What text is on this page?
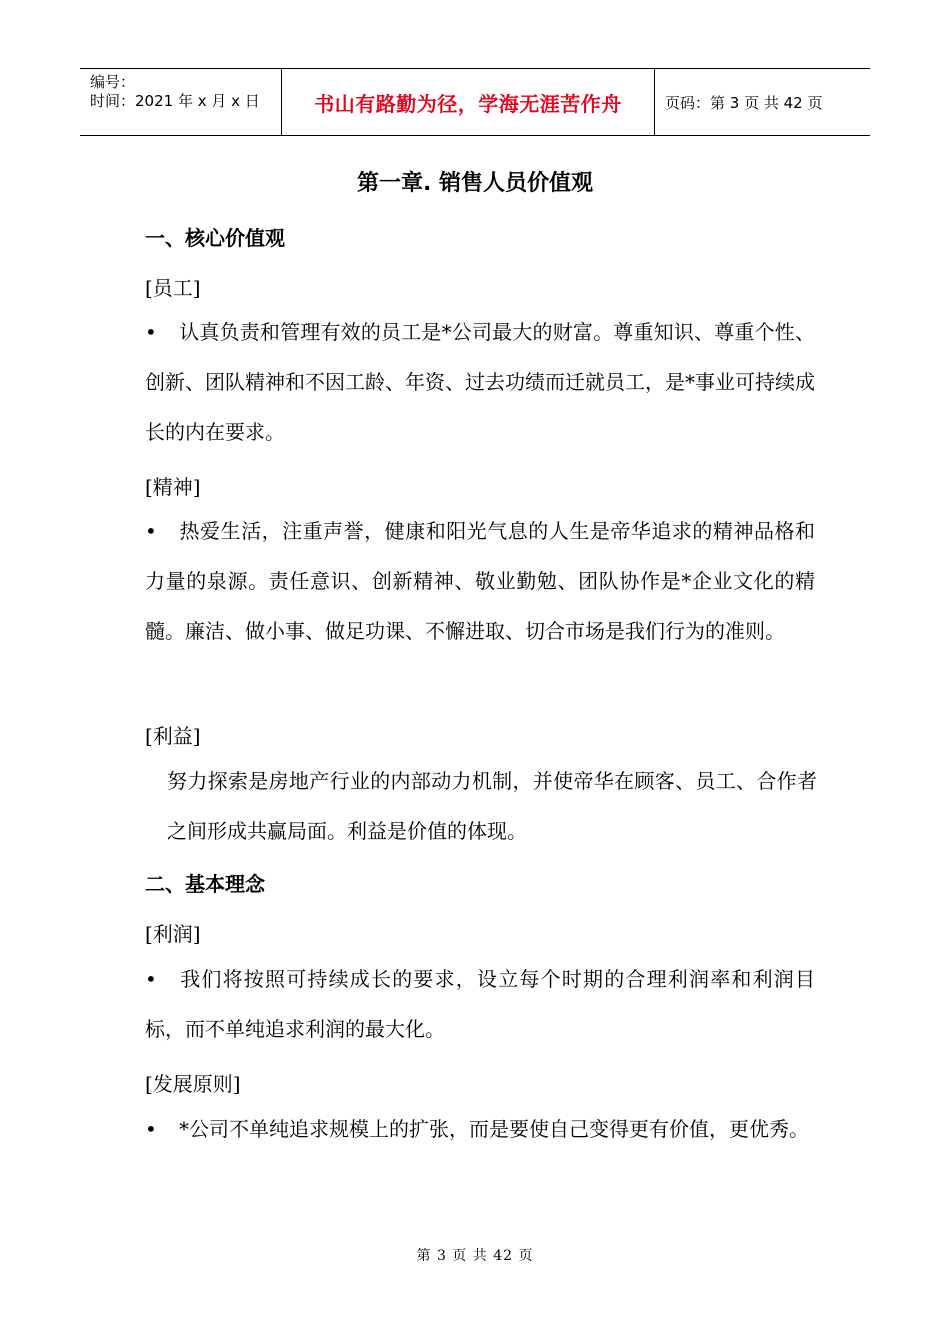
编号：
时间：2021 年 x 月 x 日	书山有路勤为径，学海无涯苦作舟	页码：第 3 页 共 42 页
第一章. 销售人员价值观
一、核心价值观
[员工]
• 认真负责和管理有效的员工是*公司最大的财富。尊重知识、尊重个性、创新、团队精神和不因工龄、年资、过去功绩而迁就员工，是*事业可持续成长的内在要求。
[精神]
• 热爱生活，注重声誉，健康和阳光气息的人生是帝华追求的精神品格和力量的泉源。责任意识、创新精神、敬业勤勉、团队协作是*企业文化的精髓。廉洁、做小事、做足功课、不懈进取、切合市场是我们行为的准则。
[利益]
努力探索是房地产行业的内部动力机制，并使帝华在顾客、员工、合作者之间形成共赢局面。利益是价值的体现。
二、基本理念
[利润]
• 我们将按照可持续成长的要求，设立每个时期的合理利润率和利润目标，而不单纯追求利润的最大化。
[发展原则]
• *公司不单纯追求规模上的扩张，而是要使自己变得更有价值，更优秀。
第 3 页 共 42 页
